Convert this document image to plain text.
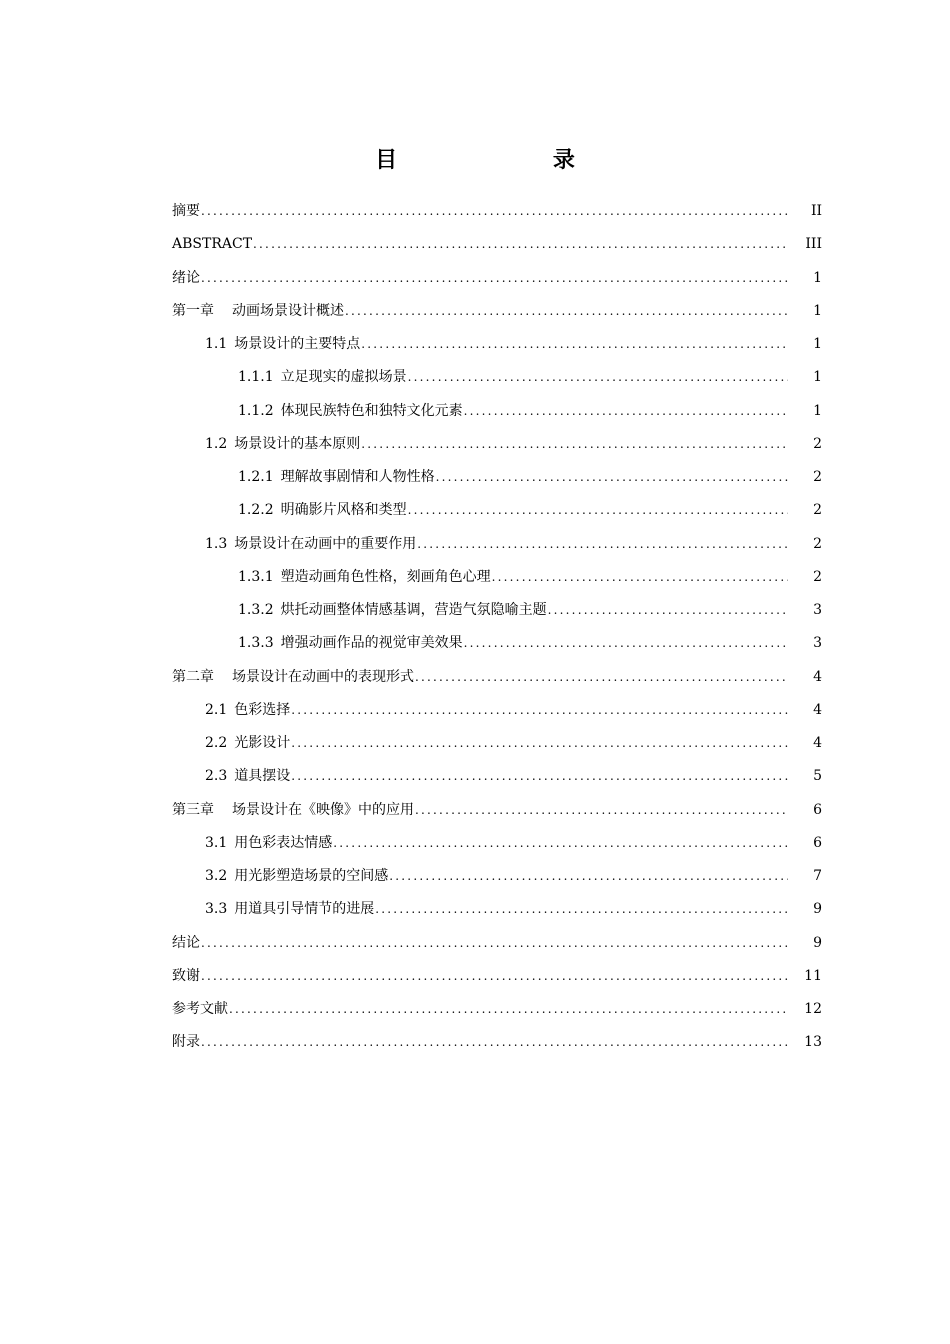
目 录
摘要 .....	II
ABSTRACT .....	III
绪论 .....	1
第一章 动画场景设计概述 .....	1
1.1 场景设计的主要特点 .....	1
1.1.1 立足现实的虚拟场景 .....	1
1.1.2 体现民族特色和独特文化元素 .....	1
1.2 场景设计的基本原则 .....	2
1.2.1 理解故事剧情和人物性格 .....	2
1.2.2 明确影片风格和类型 .....	2
1.3 场景设计在动画中的重要作用 .....	2
1.3.1 塑造动画角色性格，刻画角色心理 .....	2
1.3.2 烘托动画整体情感基调，营造气氛隐喻主题 .....	3
1.3.3 增强动画作品的视觉审美效果 .....	3
第二章 场景设计在动画中的表现形式 .....	4
2.1 色彩选择 .....	4
2.2 光影设计 .....	4
2.3 道具摆设 .....	5
第三章 场景设计在《映像》中的应用 .....	6
3.1 用色彩表达情感 .....	6
3.2 用光影塑造场景的空间感 .....	7
3.3 用道具引导情节的进展 .....	9
结论 .....	9
致谢 .....	11
参考文献 .....	12
附录 .....	13
